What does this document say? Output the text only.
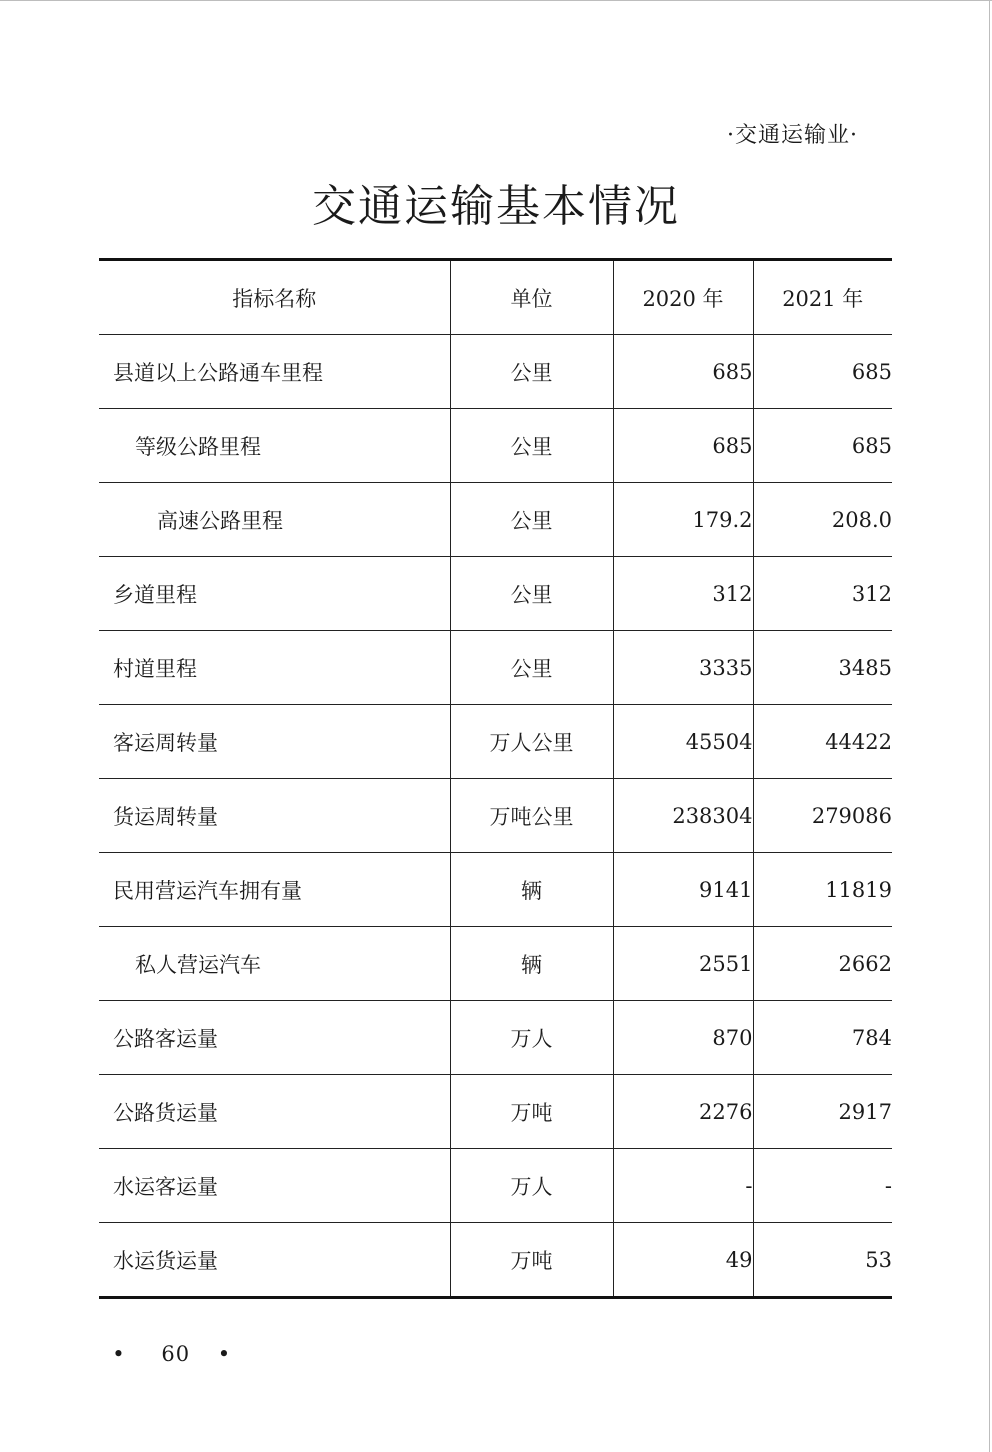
·交通运输业·
交通运输基本情况
指标名称	单位	2020 年	2021 年
县道以上公路通车里程	公里	685	685
等级公路里程	公里	685	685
高速公路里程	公里	179.2	208.0
乡道里程	公里	312	312
村道里程	公里	3335	3485
客运周转量	万人公里	45504	44422
货运周转量	万吨公里	238304	279086
民用营运汽车拥有量	辆	9141	11819
私人营运汽车	辆	2551	2662
公路客运量	万人	870	784
公路货运量	万吨	2276	2917
水运客运量	万人	-	-
水运货运量	万吨	49	53
• 60 •
